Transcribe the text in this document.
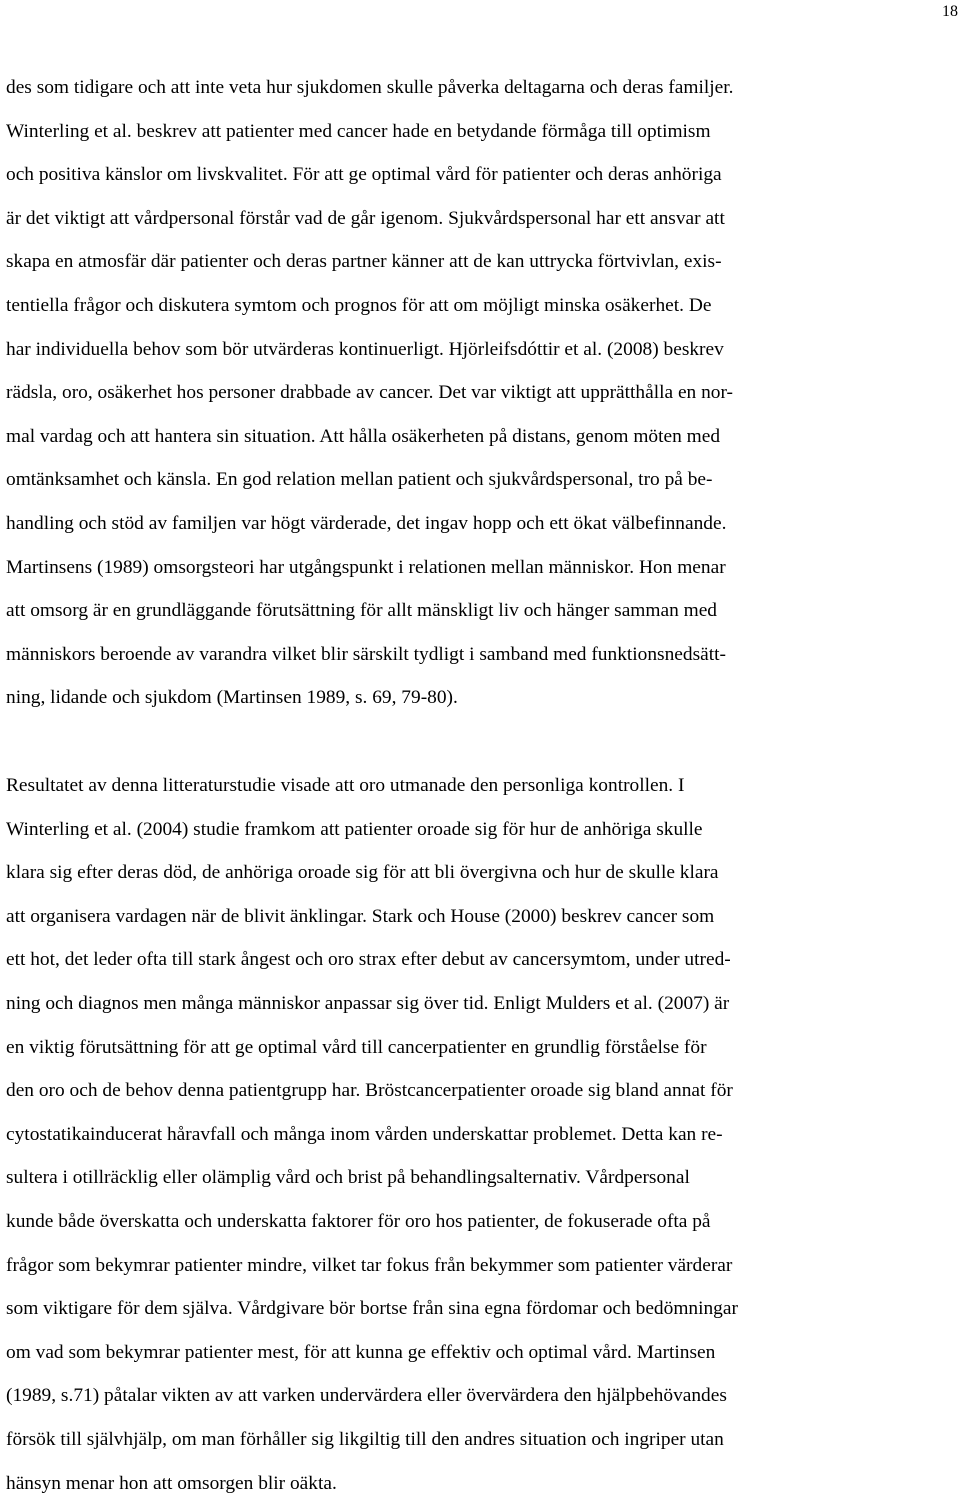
18

des som tidigare och att inte veta hur sjukdomen skulle påverka deltagarna och deras familjer.
Winterling et al. beskrev att patienter med cancer hade en betydande förmåga till optimism
och positiva känslor om livskvalitet. För att ge optimal vård för patienter och deras anhöriga
är det viktigt att vårdpersonal förstår vad de går igenom. Sjukvårdspersonal har ett ansvar att
skapa en atmosfär där patienter och deras partner känner att de kan uttrycka förtvivlan, exis-
tentiella frågor och diskutera symtom och prognos för att om möjligt minska osäkerhet. De
har individuella behov som bör utvärderas kontinuerligt. Hjörleifsdóttir et al. (2008) beskrev
rädsla, oro, osäkerhet hos personer drabbade av cancer. Det var viktigt att upprätthålla en nor-
mal vardag och att hantera sin situation. Att hålla osäkerheten på distans, genom möten med
omtänksamhet och känsla. En god relation mellan patient och sjukvårdspersonal, tro på be-
handling och stöd av familjen var högt värderade, det ingav hopp och ett ökat välbefinnande.
Martinsens (1989) omsorgsteori har utgångspunkt i relationen mellan människor. Hon menar
att omsorg är en grundläggande förutsättning för allt mänskligt liv och hänger samman med
människors beroende av varandra vilket blir särskilt tydligt i samband med funktionsnedsätt-
ning, lidande och sjukdom (Martinsen 1989, s. 69, 79-80).

Resultatet av denna litteraturstudie visade att oro utmanade den personliga kontrollen. I
Winterling et al. (2004) studie framkom att patienter oroade sig för hur de anhöriga skulle
klara sig efter deras död, de anhöriga oroade sig för att bli övergivna och hur de skulle klara
att organisera vardagen när de blivit änklingar. Stark och House (2000) beskrev cancer som
ett hot, det leder ofta till stark ångest och oro strax efter debut av cancersymtom, under utred-
ning och diagnos men många människor anpassar sig över tid. Enligt Mulders et al. (2007) är
en viktig förutsättning för att ge optimal vård till cancerpatienter en grundlig förståelse för
den oro och de behov denna patientgrupp har. Bröstcancerpatienter oroade sig bland annat för
cytostatikainducerat håravfall och många inom vården underskattar problemet. Detta kan re-
sultera i otillräcklig eller olämplig vård och brist på behandlingsalternativ. Vårdpersonal
kunde både överskatta och underskatta faktorer för oro hos patienter, de fokuserade ofta på
frågor som bekymrar patienter mindre, vilket tar fokus från bekymmer som patienter värderar
som viktigare för dem själva. Vårdgivare bör bortse från sina egna fördomar och bedömningar
om vad som bekymrar patienter mest, för att kunna ge effektiv och optimal vård. Martinsen
(1989, s.71) påtalar vikten av att varken undervärdera eller övervärdera den hjälpbehövandes
försök till självhjälp, om man förhåller sig likgiltig till den andres situation och ingriper utan
hänsyn menar hon att omsorgen blir oäkta.
